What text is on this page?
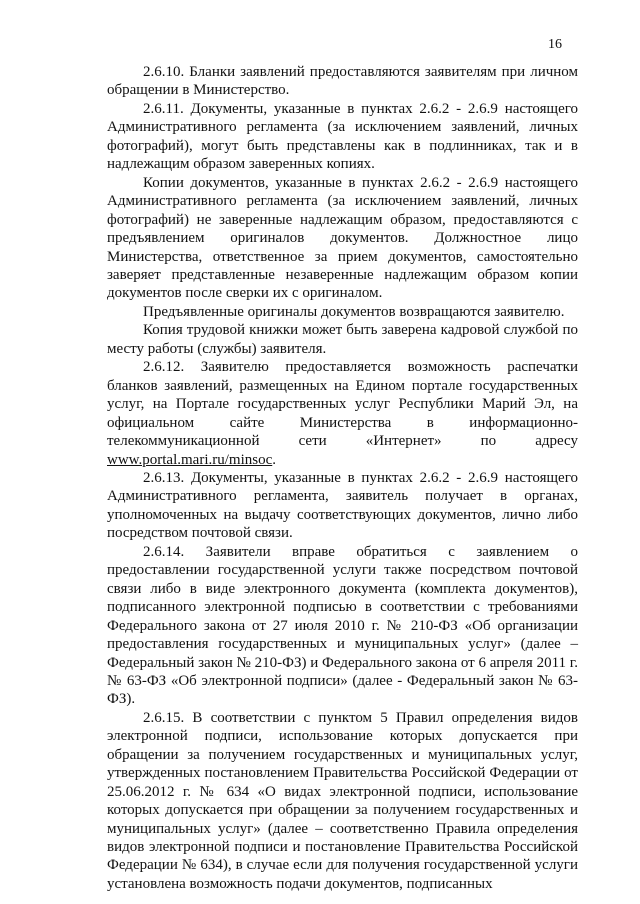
16

2.6.10. Бланки заявлений предоставляются заявителям при личном обращении в Министерство.

2.6.11. Документы, указанные в пунктах 2.6.2 - 2.6.9 настоящего Административного регламента (за исключением заявлений, личных фотографий), могут быть представлены как в подлинниках, так и в надлежащим образом заверенных копиях.

Копии документов, указанные в пунктах 2.6.2 - 2.6.9 настоящего Административного регламента (за исключением заявлений, личных фотографий) не заверенные надлежащим образом, предоставляются с предъявлением оригиналов документов. Должностное лицо Министерства, ответственное за прием документов, самостоятельно заверяет представленные незаверенные надлежащим образом копии документов после сверки их с оригиналом.

Предъявленные оригиналы документов возвращаются заявителю.

Копия трудовой книжки может быть заверена кадровой службой по месту работы (службы) заявителя.

2.6.12. Заявителю предоставляется возможность распечатки бланков заявлений, размещенных на Едином портале государственных услуг, на Портале государственных услуг Республики Марий Эл, на официальном сайте Министерства в информационно-телекоммуникационной сети «Интернет» по адресу www.portal.mari.ru/minsoc.

2.6.13. Документы, указанные в пунктах 2.6.2 - 2.6.9 настоящего Административного регламента, заявитель получает в органах, уполномоченных на выдачу соответствующих документов, лично либо посредством почтовой связи.

2.6.14. Заявители вправе обратиться с заявлением о предоставлении государственной услуги также посредством почтовой связи либо в виде электронного документа (комплекта документов), подписанного электронной подписью в соответствии с требованиями Федерального закона от 27 июля 2010 г. № 210-ФЗ «Об организации предоставления государственных и муниципальных услуг» (далее – Федеральный закон № 210-ФЗ) и Федерального закона от 6 апреля 2011 г. № 63-ФЗ «Об электронной подписи» (далее - Федеральный закон № 63-ФЗ).

2.6.15. В соответствии с пунктом 5 Правил определения видов электронной подписи, использование которых допускается при обращении за получением государственных и муниципальных услуг, утвержденных постановлением Правительства Российской Федерации от 25.06.2012 г. № 634 «О видах электронной подписи, использование которых допускается при обращении за получением государственных и муниципальных услуг» (далее – соответственно Правила определения видов электронной подписи и постановление Правительства Российской Федерации № 634), в случае если для получения государственной услуги установлена возможность подачи документов, подписанных
